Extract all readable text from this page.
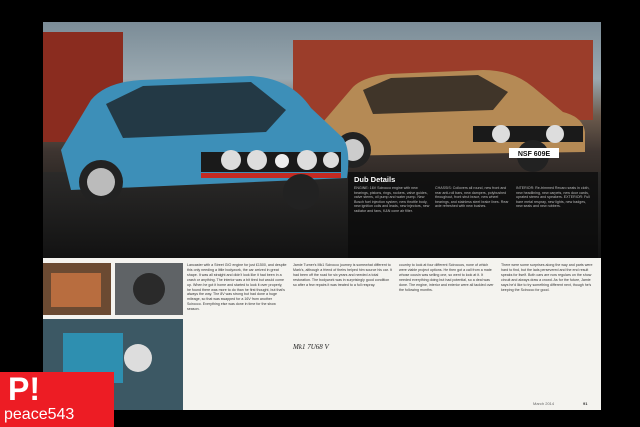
NSF 609E
Dub Details

ENGINE: 16V Scirocco engine with new bearings, pistons, rings, rockers, valve guides, valve stems, oil pump and water pump. New Bosch fuel injection system, new throttle body, new ignition coils and leads, new injectors, new radiator and fans, K&N cone air filter.

CHASSIS: Coilovers all round, new front and rear anti-roll bars, new dampers, polybushed throughout, front strut brace, new wheel bearings, and stainless steel brake lines. Rear axle refreshed with new bushes.

INTERIOR: Re-trimmed Recaro seats in cloth, new headlining, new carpets, new door cards, uprated stereo and speakers. EXTERIOR: Full bare metal respray, new lights, new badges, new seals and new rubbers.

Lancaster with a Street GIO engine for just £1500, and despite this only needing a little bodywork, the car arrived in great shape. It was all straight and didn't look like it had been in a crash or anything. The interior was a bit tired but would come up. When he got it home and started to look it over properly, he found there was more to do than he first thought, but that's always the way. The 8V was strong but had done a huge mileage, so that was swapped for a 16V from another Scirocco. Everything else was done in time for the show season.

Jamie Turner's Mk1 Scirocco journey is somewhat different to Mark's, although a friend of theirs helped him source his car. It had been off the road for six years and needed a total restoration. The bodywork was in surprisingly good condition so after a few repairs it was treated to a full respray.

Mk1 7U68 V

country to look at four different Sciroccos, none of which were viable project options. He then got a call from a mate whose cousin was selling one, so went to look at it. It needed everything doing but had potential, so a deal was done. The engine, interior and exterior were all tackled over the following months.

There were some surprises along the way and parts were hard to find, but the lads persevered and the end result speaks for itself. Both cars are now regulars on the show circuit and always draw a crowd. As for the future, Jamie says he'd like to try something different next, though he's keeping the Scirocco for good.

March 2014	91
P!
peace543
